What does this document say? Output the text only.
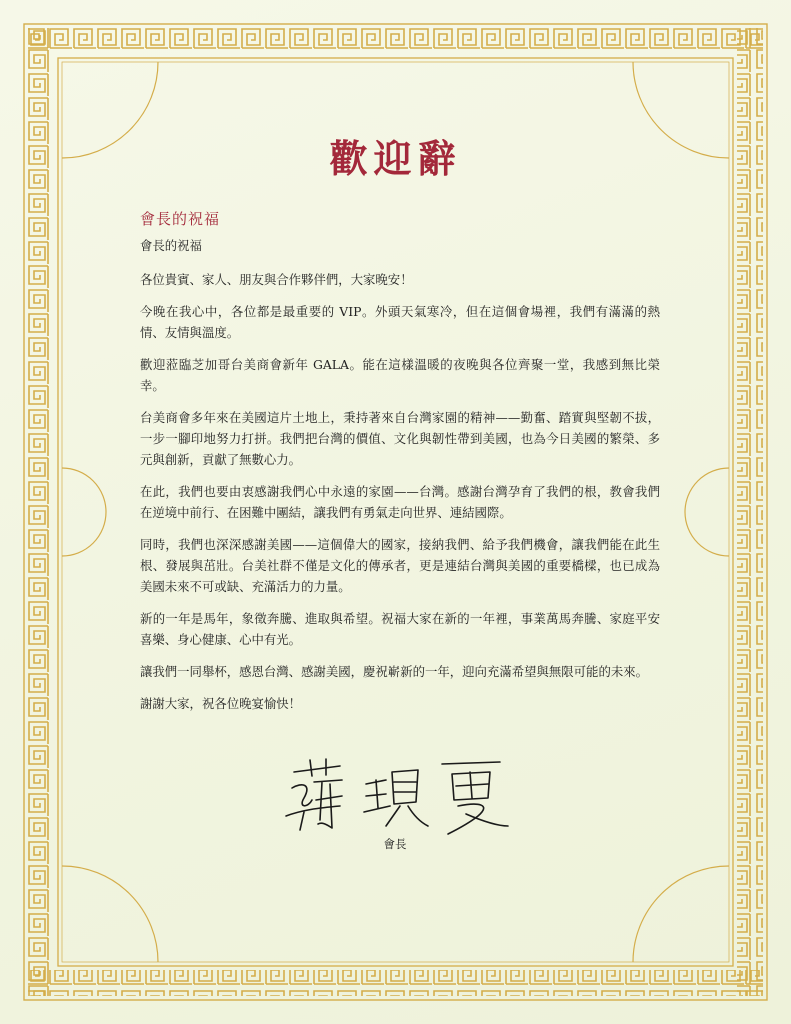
歡迎辭
會長的祝福

會長的祝福

各位貴賓、家人、朋友與合作夥伴們，大家晚安！

今晚在我心中，各位都是最重要的 VIP。外頭天氣寒冷，但在這個會場裡，我們有滿滿的熱情、友情與溫度。

歡迎蒞臨芝加哥台美商會新年 GALA。能在這樣溫暖的夜晚與各位齊聚一堂，我感到無比榮幸。

台美商會多年來在美國這片土地上，秉持著來自台灣家園的精神——勤奮、踏實與堅韌不拔，一步一腳印地努力打拼。我們把台灣的價值、文化與韌性帶到美國，也為今日美國的繁榮、多元與創新，貢獻了無數心力。

在此，我們也要由衷感謝我們心中永遠的家園——台灣。感謝台灣孕育了我們的根，教會我們在逆境中前行、在困難中團結，讓我們有勇氣走向世界、連結國際。

同時，我們也深深感謝美國——這個偉大的國家，接納我們、給予我們機會，讓我們能在此生根、發展與茁壯。台美社群不僅是文化的傳承者，更是連結台灣與美國的重要橋樑，也已成為美國未來不可或缺、充滿活力的力量。

新的一年是馬年，象徵奔騰、進取與希望。祝福大家在新的一年裡，事業萬馬奔騰、家庭平安喜樂、身心健康、心中有光。

讓我們一同舉杯，感恩台灣、感謝美國，慶祝嶄新的一年，迎向充滿希望與無限可能的未來。

謝謝大家，祝各位晚宴愉快！

會長
